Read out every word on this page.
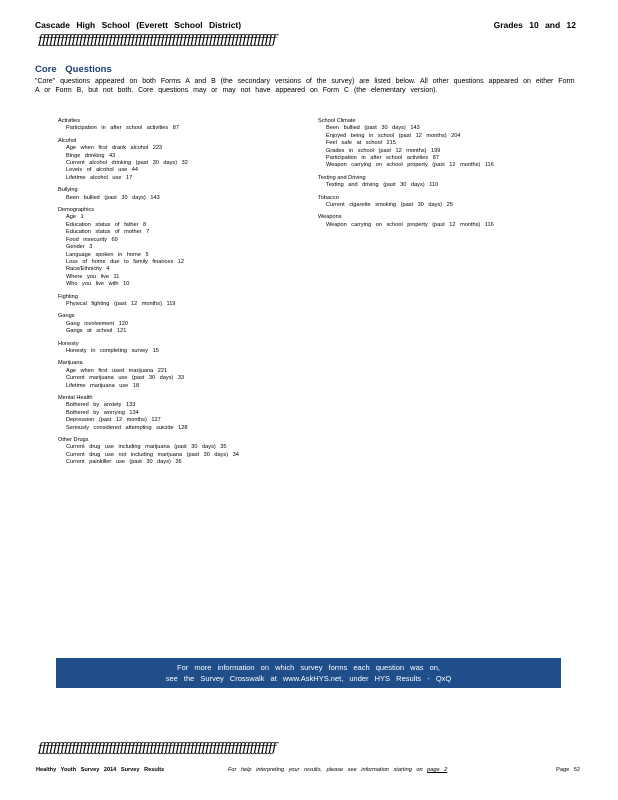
Cascade High School (Everett School District)	Grades 10 and 12
ƒƒƒƒƒƒƒƒƒƒƒƒƒƒƒƒƒƒƒƒƒƒƒƒƒƒƒƒƒƒƒƒƒƒƒƒƒƒƒƒƒƒƒƒƒƒƒƒƒƒƒƒƒƒƒƒƒƒƒƒƒƒƒƒ
Core Questions
"Core" questions appeared on both Forms A and B (the secondary versions of the survey) are listed below. All other questions appeared on either Form A or Form B, but not both. Core questions may or may not have appeared on Form C (the elementary version).
Activities
Participation in after school activities 87
Alcohol
Age when first drank alcohol 223
Binge drinking 43
Current alcohol drinking (past 30 days) 32
Levels of alcohol use 44
Lifetime alcohol use 17
Bullying
Been bullied (past 30 days) 143
Demographics
Age 1
Education status of father 8
Education status of mother 7
Food insecurity 69
Gender 3
Language spoken in home 5
Loss of home due to family finances 12
Race/Ethnicity 4
Where you live 11
Who you live with 10
Fighting
Physical fighting (past 12 months) 119
Gangs
Gang involvement 120
Gangs at school 121
Honesty
Honesty in completing survey 15
Marijuana
Age when first used marijuana 221
Current marijuana use (past 30 days) 33
Lifetime marijuana use 18
Mental Health
Bothered by anxiety 133
Bothered by worrying 134
Depression (past 12 months) 127
Seriously considered attempting suicide 128
Other Drugs
Current drug use including marijuana (past 30 days) 35
Current drug use not including marijuana (past 30 days) 34
Current painkiller use (past 30 days) 36
School Climate
Been bullied (past 30 days) 143
Enjoyed being in school (past 12 months) 204
Feel safe at school 215
Grades in school (past 12 months) 199
Participation in after school activities 87
Weapon carrying on school property (past 12 months) 116
Texting and Driving
Texting and driving (past 30 days) 110
Tobacco
Current cigarette smoking (past 30 days) 25
Weapons
Weapon carrying on school property (past 12 months) 116
For more information on which survey forms each question was on,
see the Survey Crosswalk at www.AskHYS.net, under HYS Results - QxQ
ƒƒƒƒƒƒƒƒƒƒƒƒƒƒƒƒƒƒƒƒƒƒƒƒƒƒƒƒƒƒƒƒƒƒƒƒƒƒƒƒƒƒƒƒƒƒƒƒƒƒƒƒƒƒƒƒƒƒƒƒƒƒƒƒ
Healthy Youth Survey 2014 Survey Results	For help interpreting your results, please see information starting on page 2	Page 52
